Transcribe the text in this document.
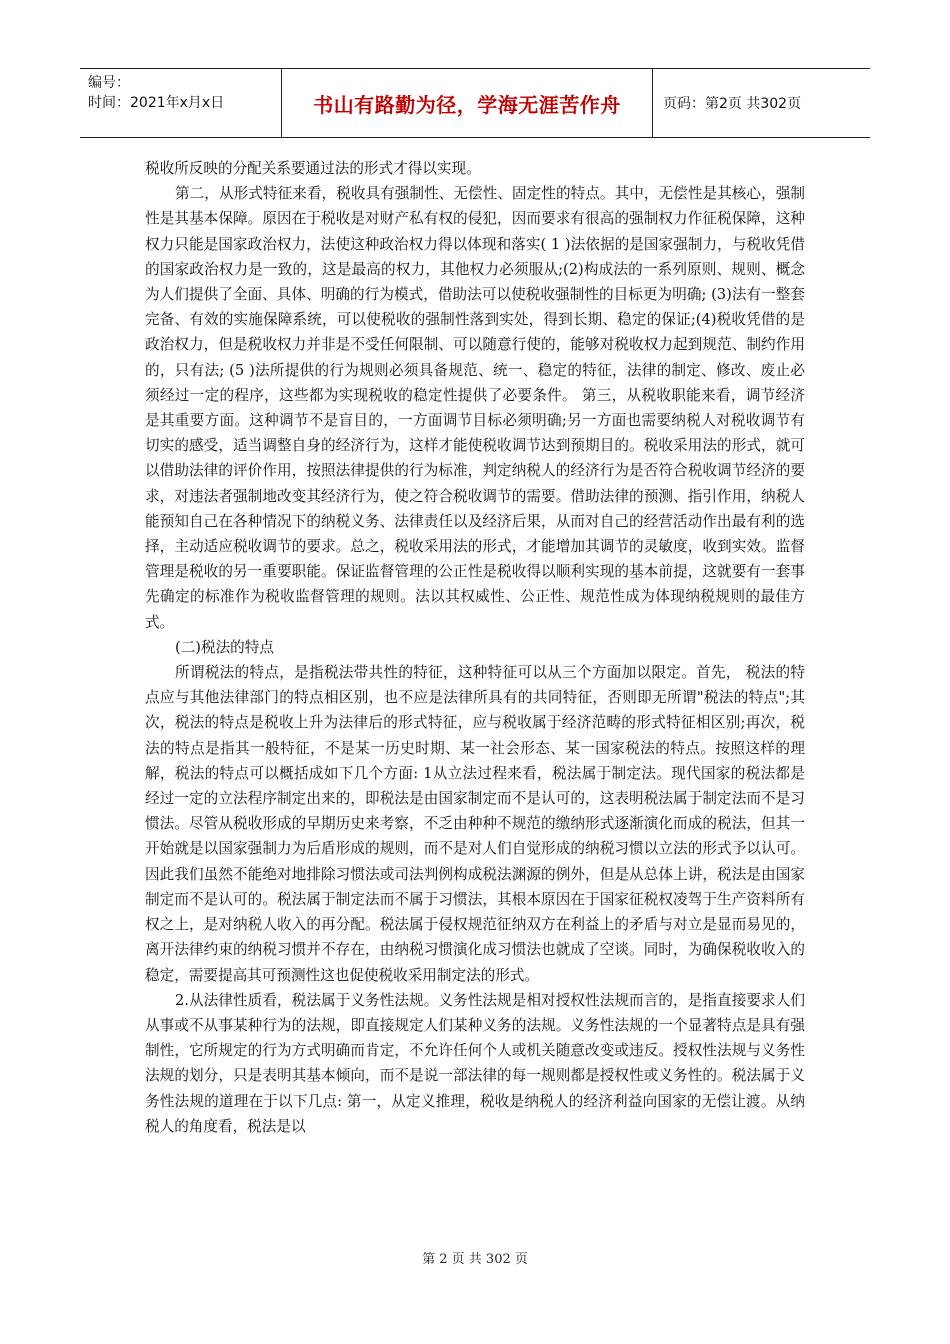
编号：
时间：2021年x月x日	书山有路勤为径，学海无涯苦作舟	页码：第2页 共302页

税收所反映的分配关系要通过法的形式才得以实现。

第二，从形式特征来看，税收具有强制性、无偿性、固定性的特点。其中，无偿性是其核心，强制性是其基本保障。原因在于税收是对财产私有权的侵犯，因而要求有很高的强制权力作征税保障，这种权力只能是国家政治权力，法使这种政治权力得以体现和落实( 1 )法依据的是国家强制力，与税收凭借的国家政治权力是一致的，这是最高的权力，其他权力必须服从;(2)构成法的一系列原则、规则、概念为人们提供了全面、具体、明确的行为模式，借助法可以使税收强制性的目标更为明确; (3)法有一整套完备、有效的实施保障系统，可以使税收的强制性落到实处，得到长期、稳定的保证;(4)税收凭借的是政治权力，但是税收权力并非是不受任何限制、可以随意行使的，能够对税收权力起到规范、制约作用的，只有法; (5 )法所提供的行为规则必须具备规范、统一、稳定的特征，法律的制定、修改、废止必须经过一定的程序，这些都为实现税收的稳定性提供了必要条件。 第三，从税收职能来看，调节经济是其重要方面。这种调节不是盲目的，一方面调节目标必须明确;另一方面也需要纳税人对税收调节有切实的感受，适当调整自身的经济行为，这样才能使税收调节达到预期目的。税收采用法的形式，就可以借助法律的评价作用，按照法律提供的行为标准，判定纳税人的经济行为是否符合税收调节经济的要求，对违法者强制地改变其经济行为，使之符合税收调节的需要。借助法律的预测、指引作用，纳税人能预知自己在各种情况下的纳税义务、法律责任以及经济后果，从而对自己的经营活动作出最有利的选择，主动适应税收调节的要求。总之，税收采用法的形式，才能增加其调节的灵敏度，收到实效。监督管理是税收的另一重要职能。保证监督管理的公正性是税收得以顺利实现的基本前提，这就要有一套事先确定的标准作为税收监督管理的规则。法以其权威性、公正性、规范性成为体现纳税规则的最佳方式。

(二)税法的特点

所谓税法的特点，是指税法带共性的特征，这种特征可以从三个方面加以限定。首先， 税法的特点应与其他法律部门的特点相区别，也不应是法律所具有的共同特征，否则即无所谓"税法的特点";其次，税法的特点是税收上升为法律后的形式特征，应与税收属于经济范畴的形式特征相区别;再次，税法的特点是指其一般特征，不是某一历史时期、某一社会形态、某一国家税法的特点。按照这样的理解，税法的特点可以概括成如下几个方面: 1从立法过程来看，税法属于制定法。现代国家的税法都是经过一定的立法程序制定出来的，即税法是由国家制定而不是认可的，这表明税法属于制定法而不是习惯法。尽管从税收形成的早期历史来考察，不乏由种种不规范的缴纳形式逐渐演化而成的税法，但其一开始就是以国家强制力为后盾形成的规则，而不是对人们自觉形成的纳税习惯以立法的形式予以认可。因此我们虽然不能绝对地排除习惯法或司法判例构成税法渊源的例外，但是从总体上讲，税法是由国家制定而不是认可的。税法属于制定法而不属于习惯法，其根本原因在于国家征税权凌驾于生产资料所有权之上，是对纳税人收入的再分配。税法属于侵权规范征纳双方在利益上的矛盾与对立是显而易见的，离开法律约束的纳税习惯并不存在，由纳税习惯演化成习惯法也就成了空谈。同时，为确保税收收入的稳定，需要提高其可预测性这也促使税收采用制定法的形式。

2.从法律性质看，税法属于义务性法规。义务性法规是相对授权性法规而言的，是指直接要求人们从事或不从事某种行为的法规，即直接规定人们某种义务的法规。义务性法规的一个显著特点是具有强制性，它所规定的行为方式明确而肯定，不允许任何个人或机关随意改变或违反。授权性法规与义务性法规的划分，只是表明其基本倾向，而不是说一部法律的每一规则都是授权性或义务性的。税法属于义务性法规的道理在于以下几点: 第一，从定义推理，税收是纳税人的经济利益向国家的无偿让渡。从纳税人的角度看，税法是以

第 2 页 共 302 页
